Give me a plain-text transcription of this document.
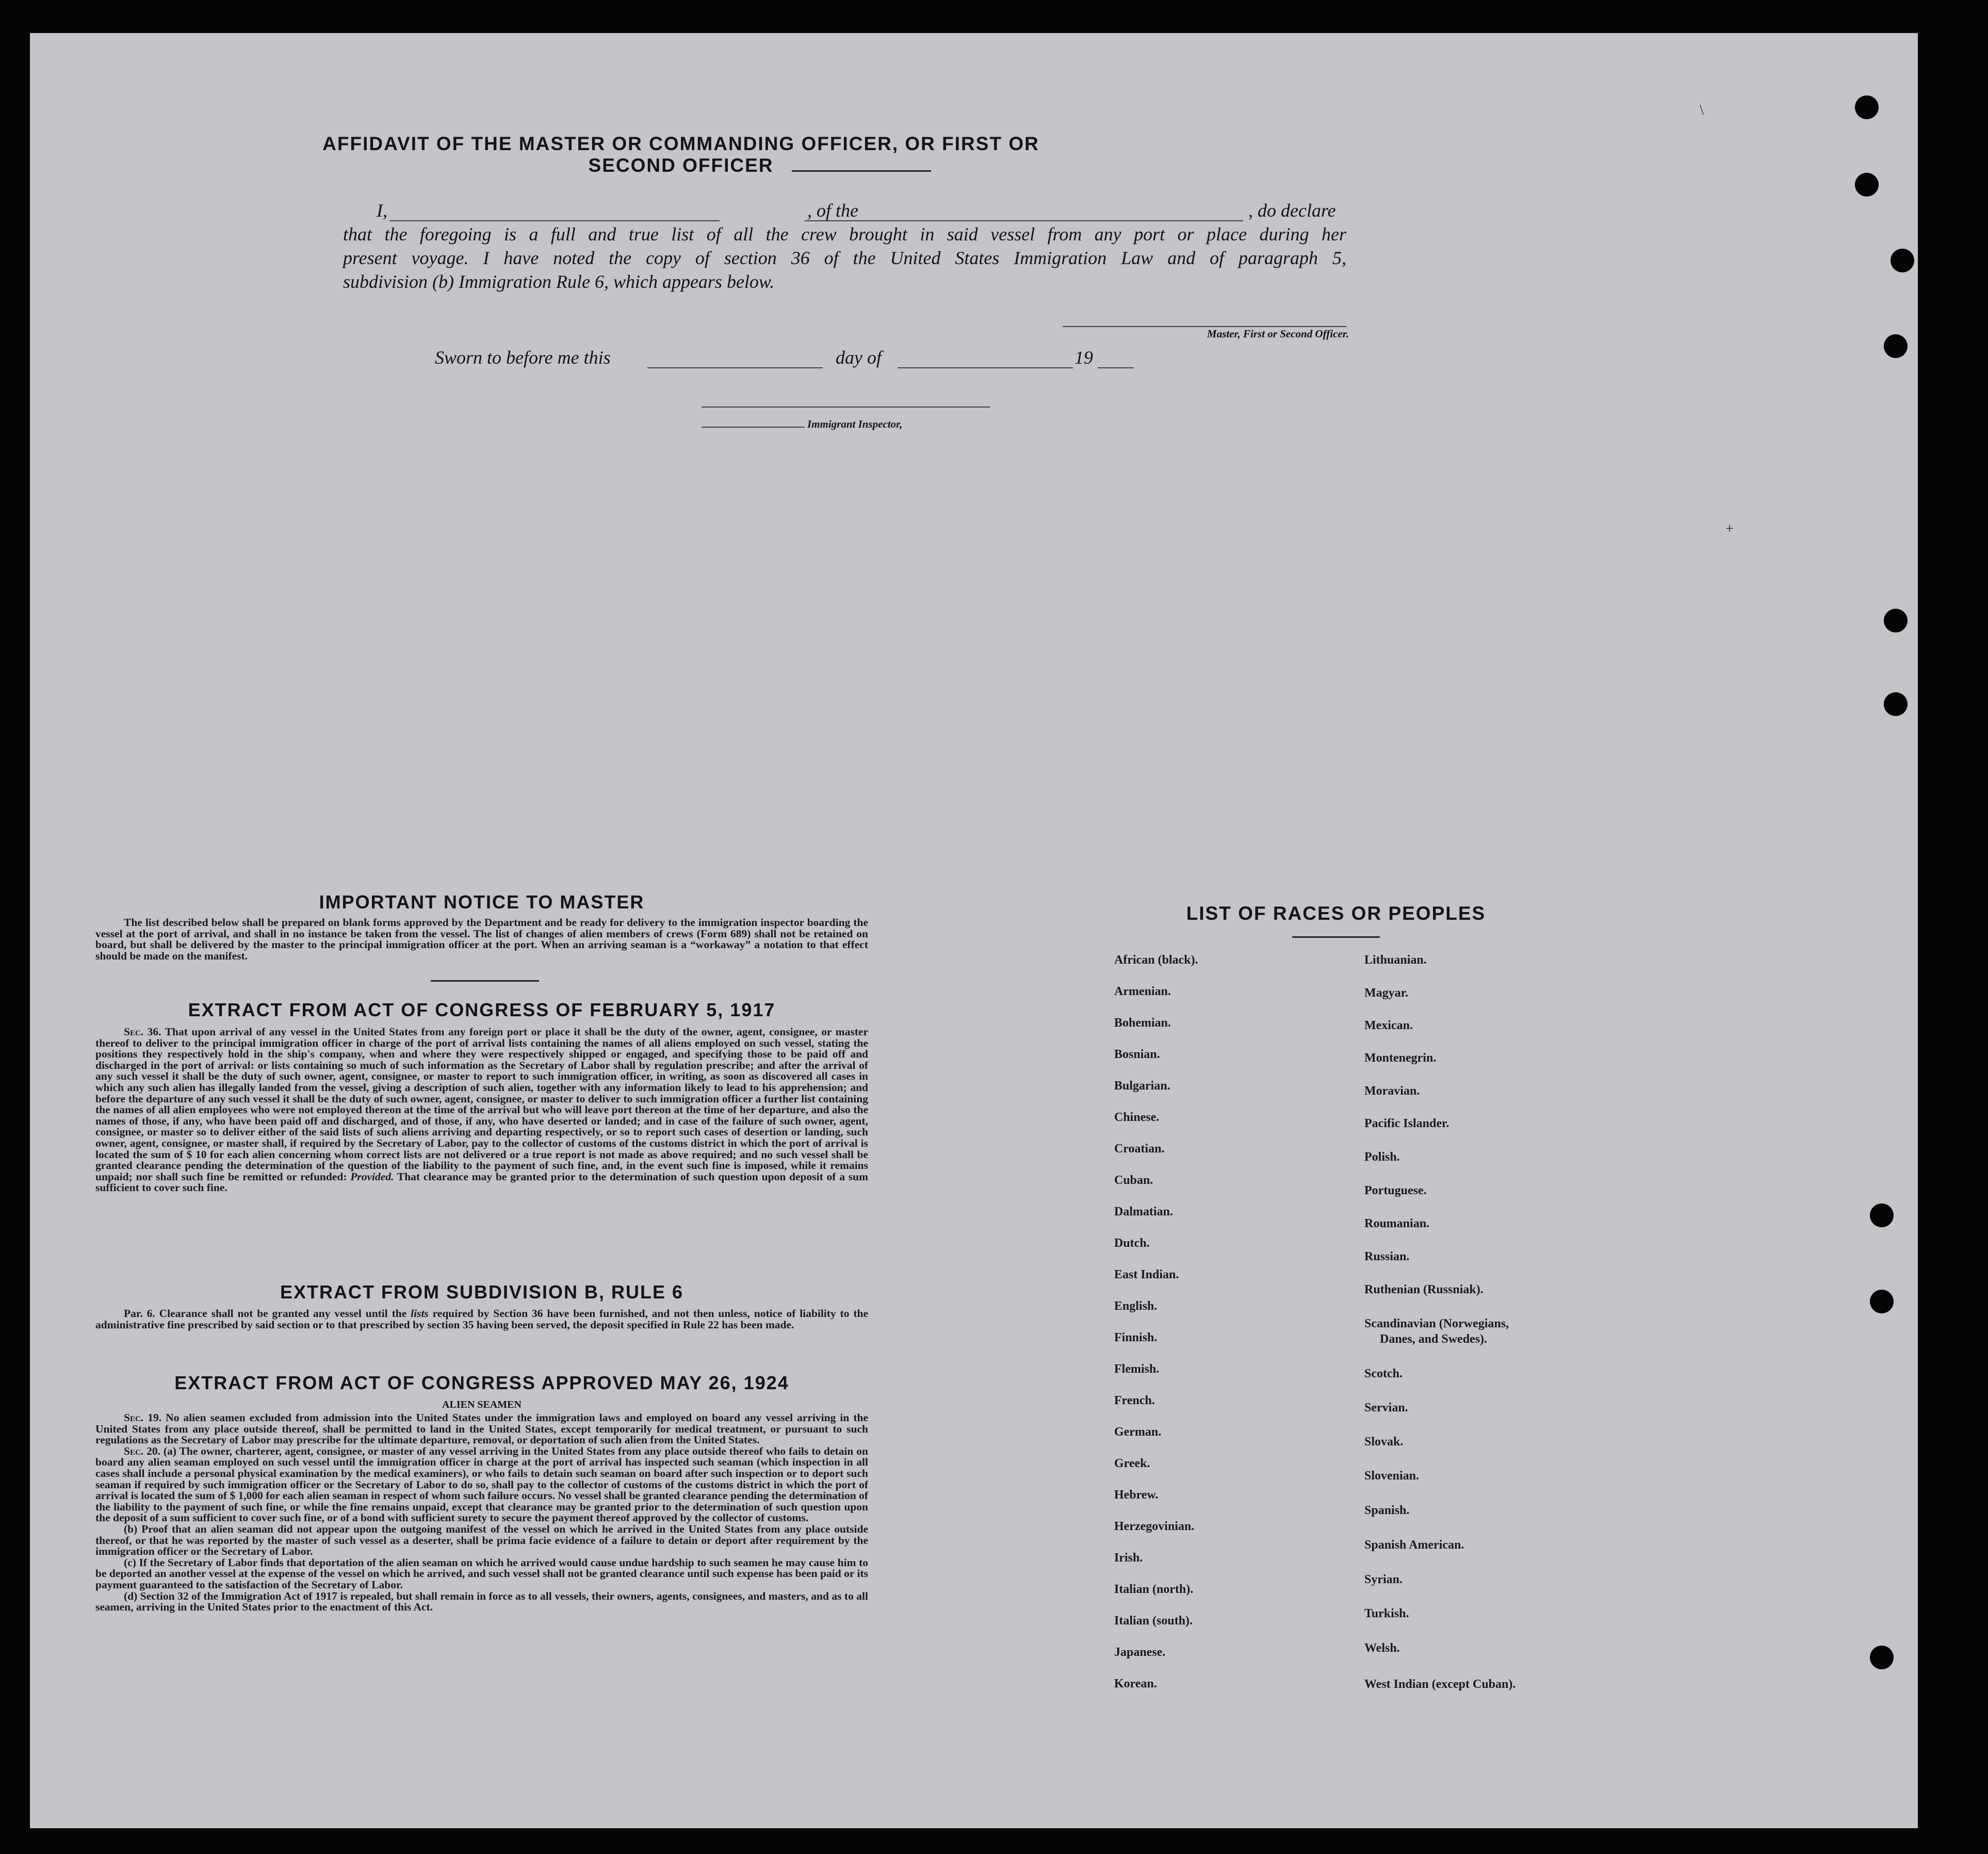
\
+
AFFIDAVIT OF THE MASTER OR COMMANDING OFFICER, OR FIRST OR SECOND OFFICER
I,	, of the	, do declare
that the foregoing is a full and true list of all the crew brought in said vessel from any port or place during her
present voyage. I have noted the copy of section 36 of the United States Immigration Law and of paragraph 5,
subdivision (b) Immigration Rule 6, which appears below.
Master, First or Second Officer.
Sworn to before me this	day of	19
Immigrant Inspector,
IMPORTANT NOTICE TO MASTER

The list described below shall be prepared on blank forms approved by the Department and be ready for delivery to the immigration inspector boarding the vessel at the port of arrival, and shall in no instance be taken from the vessel. The list of changes of alien members of crews (Form 689) shall not be retained on board, but shall be delivered by the master to the principal immigration officer at the port. When an arriving seaman is a “workaway” a notation to that effect should be made on the manifest.

EXTRACT FROM ACT OF CONGRESS OF FEBRUARY 5, 1917

Sec. 36. That upon arrival of any vessel in the United States from any foreign port or place it shall be the duty of the owner, agent, consignee, or master thereof to deliver to the principal immigration officer in charge of the port of arrival lists containing the names of all aliens employed on such vessel, stating the positions they respectively hold in the ship's company, when and where they were respectively shipped or engaged, and specifying those to be paid off and discharged in the port of arrival: or lists containing so much of such information as the Secretary of Labor shall by regulation prescribe; and after the arrival of any such vessel it shall be the duty of such owner, agent, consignee, or master to report to such immigration officer, in writing, as soon as discovered all cases in which any such alien has illegally landed from the vessel, giving a description of such alien, together with any information likely to lead to his apprehension; and before the departure of any such vessel it shall be the duty of such owner, agent, consignee, or master to deliver to such immigration officer a further list containing the names of all alien employees who were not employed thereon at the time of the arrival but who will leave port thereon at the time of her departure, and also the names of those, if any, who have been paid off and discharged, and of those, if any, who have deserted or landed; and in case of the failure of such owner, agent, consignee, or master so to deliver either of the said lists of such aliens arriving and departing respectively, or so to report such cases of desertion or landing, such owner, agent, consignee, or master shall, if required by the Secretary of Labor, pay to the collector of customs of the customs district in which the port of arrival is located the sum of $ 10 for each alien concerning whom correct lists are not delivered or a true report is not made as above required; and no such vessel shall be granted clearance pending the determination of the question of the liability to the payment of such fine, and, in the event such fine is imposed, while it remains unpaid; nor shall such fine be remitted or refunded: Provided. That clearance may be granted prior to the determination of such question upon deposit of a sum sufficient to cover such fine.

EXTRACT FROM SUBDIVISION B, RULE 6

Par. 6. Clearance shall not be granted any vessel until the lists required by Section 36 have been furnished, and not then unless, notice of liability to the administrative fine prescribed by said section or to that prescribed by section 35 having been served, the deposit specified in Rule 22 has been made.

EXTRACT FROM ACT OF CONGRESS APPROVED MAY 26, 1924
ALIEN SEAMEN

Sec. 19. No alien seamen excluded from admission into the United States under the immigration laws and employed on board any vessel arriving in the United States from any place outside thereof, shall be permitted to land in the United States, except temporarily for medical treatment, or pursuant to such regulations as the Secretary of Labor may prescribe for the ultimate departure, removal, or deportation of such alien from the United States.

Sec. 20. (a) The owner, charterer, agent, consignee, or master of any vessel arriving in the United States from any place outside thereof who fails to detain on board any alien seaman employed on such vessel until the immigration officer in charge at the port of arrival has inspected such seaman (which inspection in all cases shall include a personal physical examination by the medical examiners), or who fails to detain such seaman on board after such inspection or to deport such seaman if required by such immigration officer or the Secretary of Labor to do so, shall pay to the collector of customs of the customs district in which the port of arrival is located the sum of $ 1,000 for each alien seaman in respect of whom such failure occurs. No vessel shall be granted clearance pending the determination of the liability to the payment of such fine, or while the fine remains unpaid, except that clearance may be granted prior to the determination of such question upon the deposit of a sum sufficient to cover such fine, or of a bond with sufficient surety to secure the payment thereof approved by the collector of customs.

(b) Proof that an alien seaman did not appear upon the outgoing manifest of the vessel on which he arrived in the United States from any place outside thereof, or that he was reported by the master of such vessel as a deserter, shall be prima facie evidence of a failure to detain or deport after requirement by the immigration officer or the Secretary of Labor.

(c) If the Secretary of Labor finds that deportation of the alien seaman on which he arrived would cause undue hardship to such seamen he may cause him to be deported an another vessel at the expense of the vessel on which he arrived, and such vessel shall not be granted clearance until such expense has been paid or its payment guaranteed to the satisfaction of the Secretary of Labor.

(d) Section 32 of the Immigration Act of 1917 is repealed, but shall remain in force as to all vessels, their owners, agents, consignees, and masters, and as to all seamen, arriving in the United States prior to the enactment of this Act.

LIST OF RACES OR PEOPLES
African (black).
Armenian.
Bohemian.
Bosnian.
Bulgarian.
Chinese.
Croatian.
Cuban.
Dalmatian.
Dutch.
East Indian.
English.
Finnish.
Flemish.
French.
German.
Greek.
Hebrew.
Herzegovinian.
Irish.
Italian (north).
Italian (south).
Japanese.
Korean.
Lithuanian.
Magyar.
Mexican.
Montenegrin.
Moravian.
Pacific Islander.
Polish.
Portuguese.
Roumanian.
Russian.
Ruthenian (Russniak).
Scandinavian (Norwegians,
Danes, and Swedes).
Scotch.
Servian.
Slovak.
Slovenian.
Spanish.
Spanish American.
Syrian.
Turkish.
Welsh.
West Indian (except Cuban).
